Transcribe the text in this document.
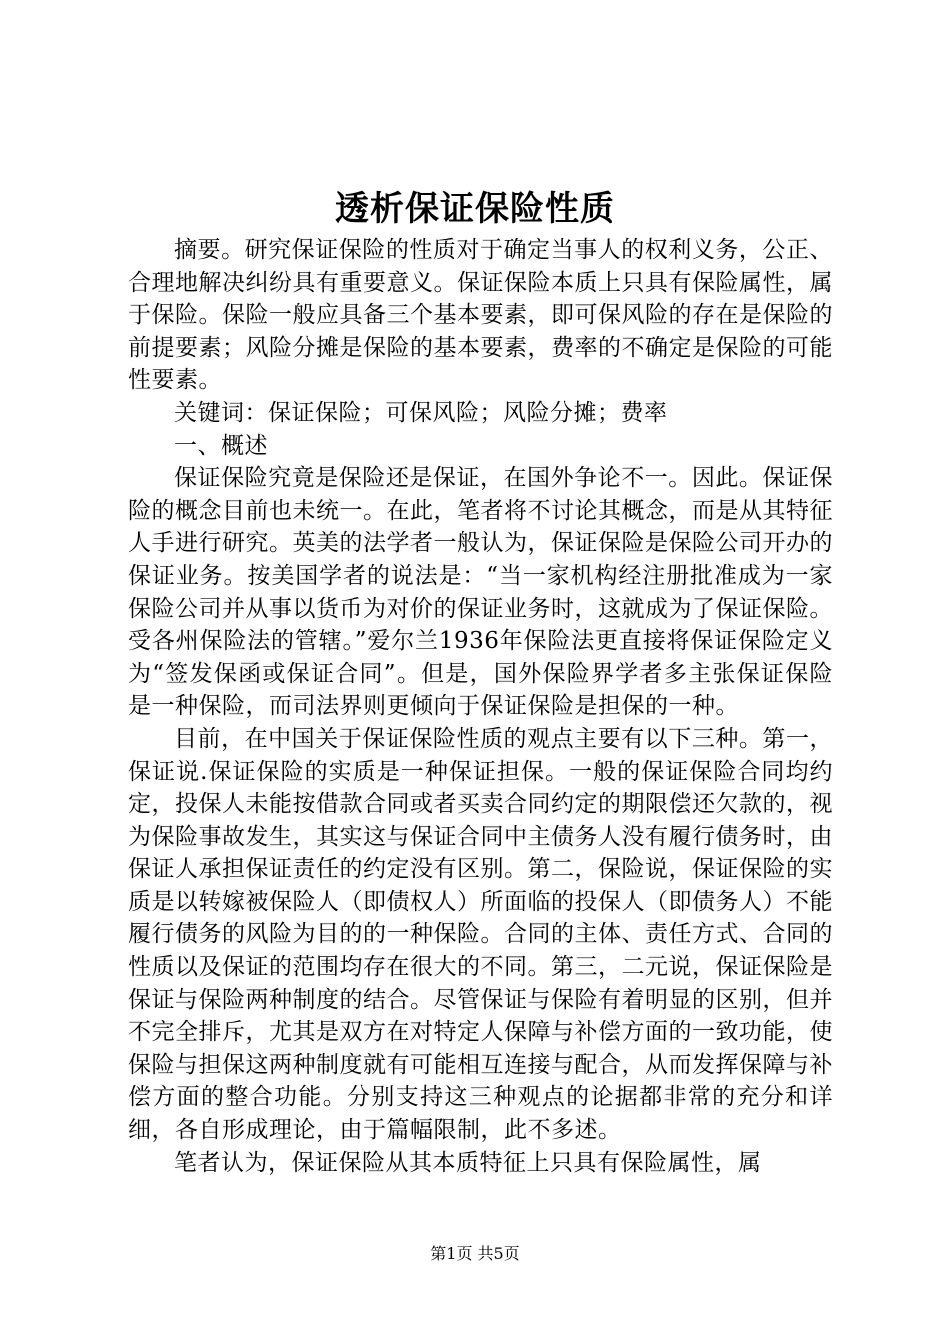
透析保证保险性质

摘要。研究保证保险的性质对于确定当事人的权利义务，公正、合理地解决纠纷具有重要意义。保证保险本质上只具有保险属性，属于保险。保险一般应具备三个基本要素，即可保风险的存在是保险的前提要素；风险分摊是保险的基本要素，费率的不确定是保险的可能性要素。

关键词：保证保险；可保风险；风险分摊；费率

一、概述

保证保险究竟是保险还是保证，在国外争论不一。因此。保证保险的概念目前也未统一。在此，笔者将不讨论其概念，而是从其特征人手进行研究。英美的法学者一般认为，保证保险是保险公司开办的保证业务。按美国学者的说法是：“当一家机构经注册批准成为一家保险公司并从事以货币为对价的保证业务时，这就成为了保证保险。受各州保险法的管辖。”爱尔兰1936年保险法更直接将保证保险定义为“签发保函或保证合同”。但是，国外保险界学者多主张保证保险是一种保险，而司法界则更倾向于保证保险是担保的一种。

目前，在中国关于保证保险性质的观点主要有以下三种。第一，保证说.保证保险的实质是一种保证担保。一般的保证保险合同均约定，投保人未能按借款合同或者买卖合同约定的期限偿还欠款的，视为保险事故发生，其实这与保证合同中主债务人没有履行债务时，由保证人承担保证责任的约定没有区别。第二，保险说，保证保险的实质是以转嫁被保险人（即债权人）所面临的投保人（即债务人）不能履行债务的风险为目的的一种保险。合同的主体、责任方式、合同的性质以及保证的范围均存在很大的不同。第三，二元说，保证保险是保证与保险两种制度的结合。尽管保证与保险有着明显的区别，但并不完全排斥，尤其是双方在对特定人保障与补偿方面的一致功能，使保险与担保这两种制度就有可能相互连接与配合，从而发挥保障与补偿方面的整合功能。分别支持这三种观点的论据都非常的充分和详细，各自形成理论，由于篇幅限制，此不多述。

笔者认为，保证保险从其本质特征上只具有保险属性，属

第1页 共5页
